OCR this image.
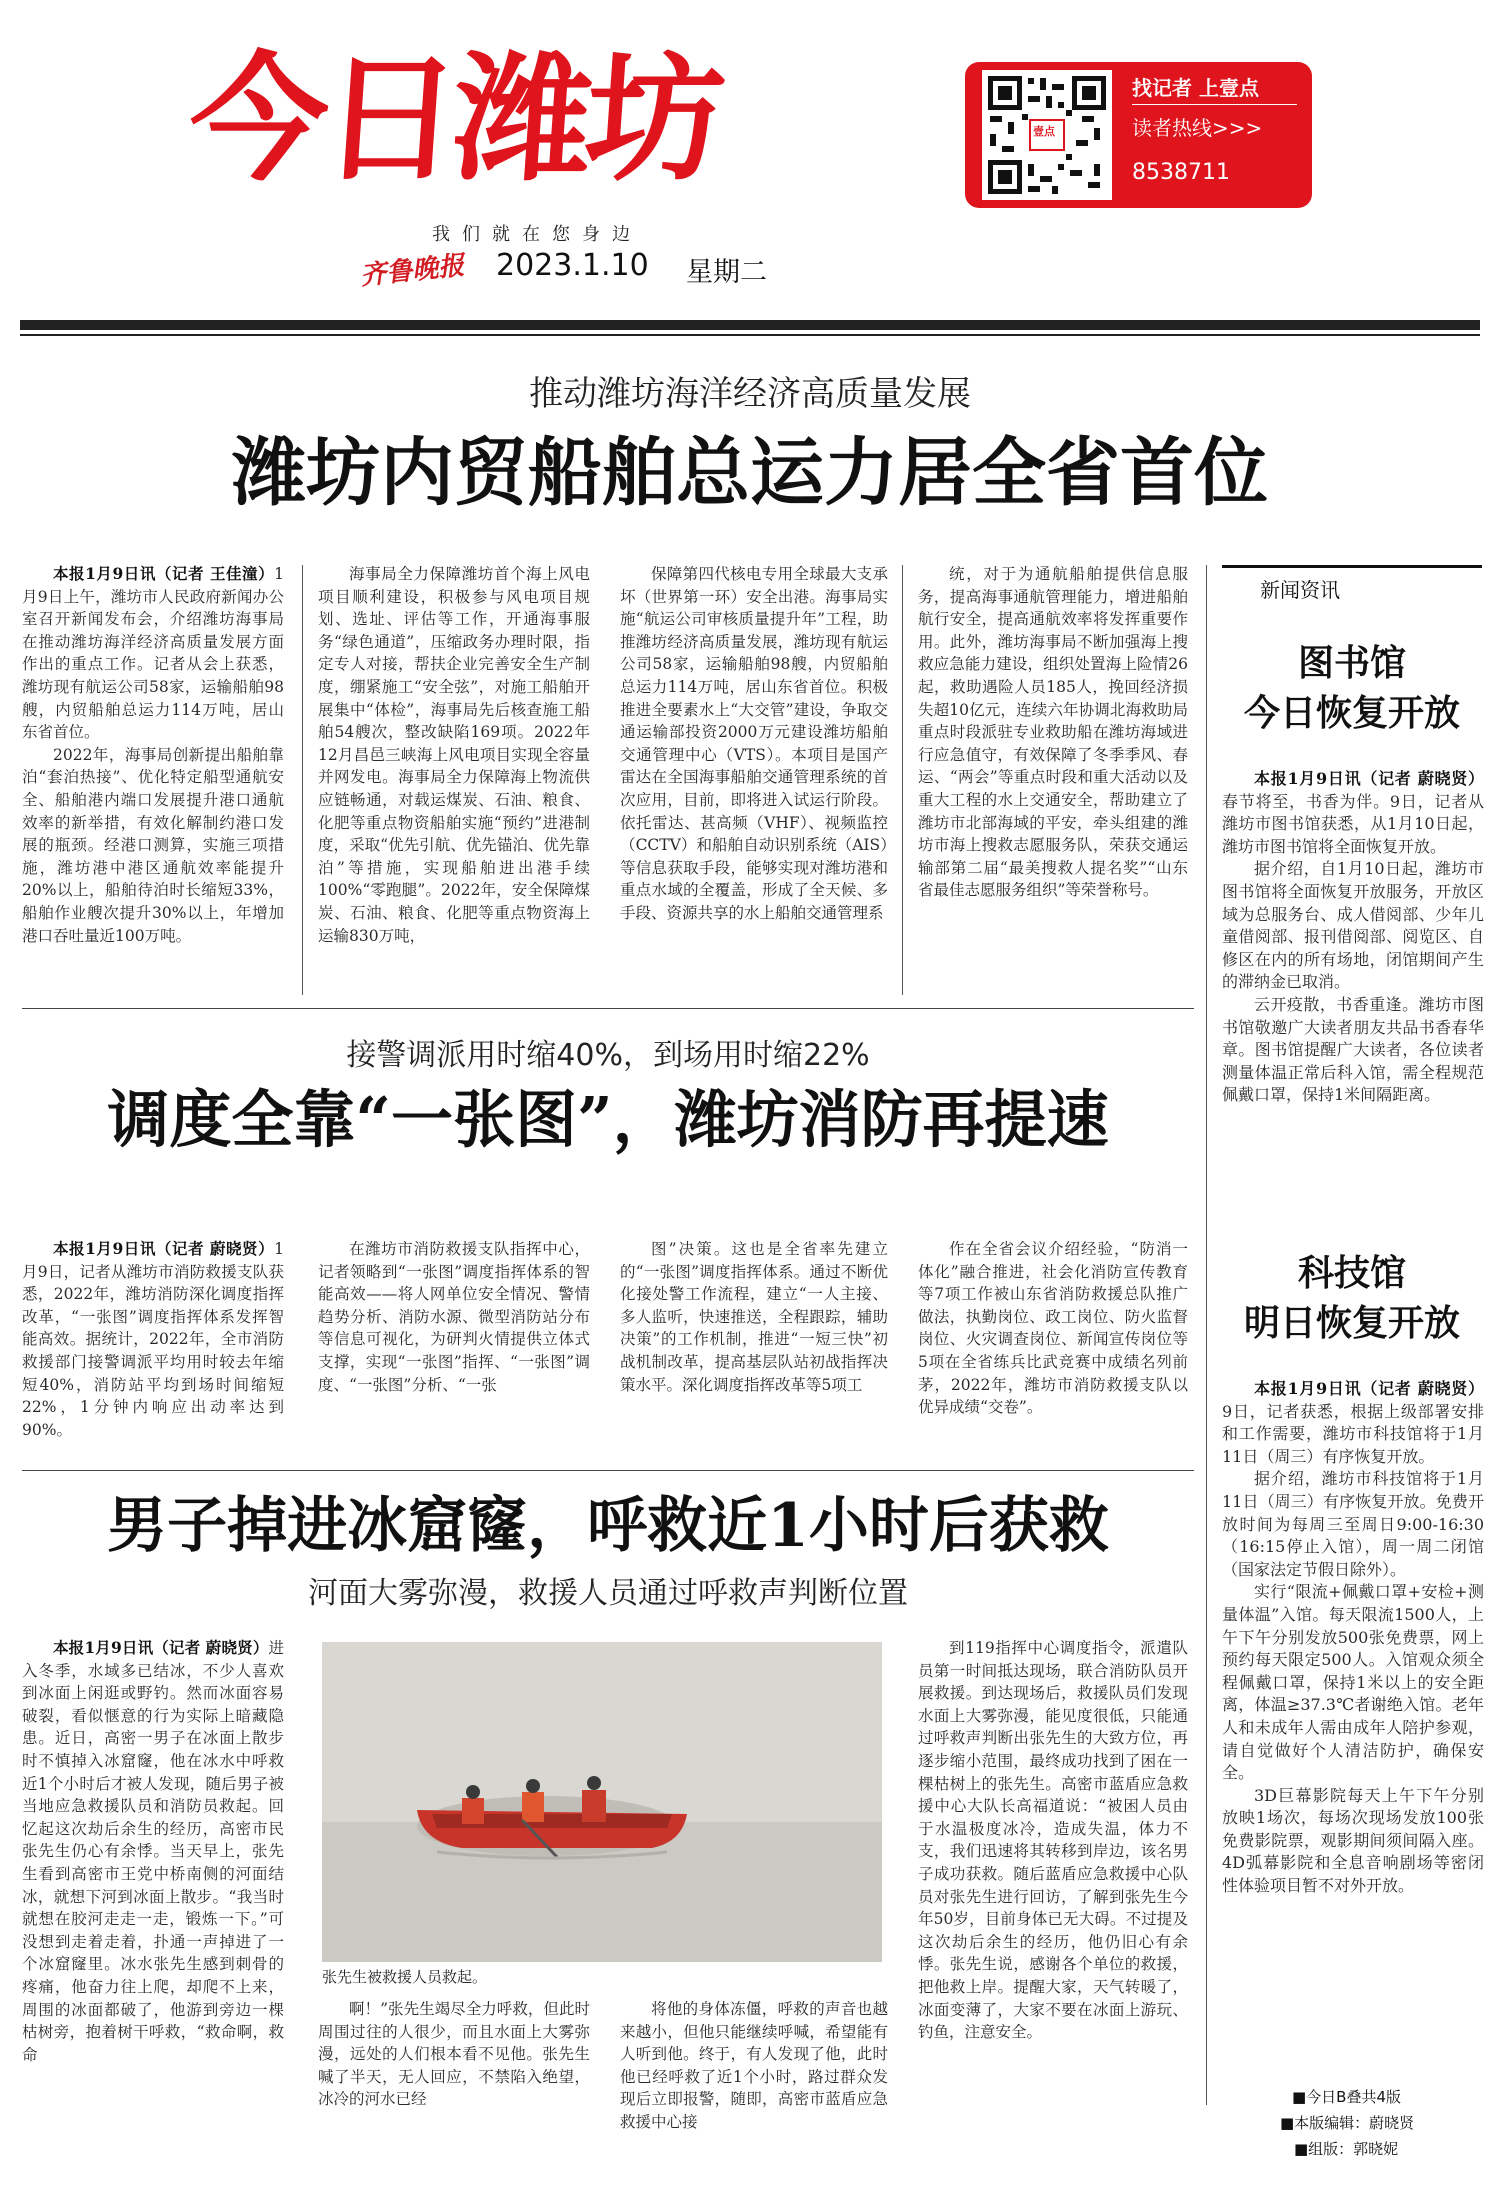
今日潍坊
我们就在您身边
齐鲁晚报 2023.1.10 星期二
壹点
找记者 上壹点
读者热线>>>
8538711
推动潍坊海洋经济高质量发展
潍坊内贸船舶总运力居全省首位

本报1月9日讯（记者 王佳潼）1月9日上午，潍坊市人民政府新闻办公室召开新闻发布会，介绍潍坊海事局在推动潍坊海洋经济高质量发展方面作出的重点工作。记者从会上获悉，潍坊现有航运公司58家，运输船舶98艘，内贸船舶总运力114万吨，居山东省首位。

2022年，海事局创新提出船舶靠泊“套泊热接”、优化特定船型通航安全、船舶港内端口发展提升港口通航效率的新举措，有效化解制约港口发展的瓶颈。经港口测算，实施三项措施，潍坊港中港区通航效率能提升20%以上，船舶待泊时长缩短33%，船舶作业艘次提升30%以上，年增加港口吞吐量近100万吨。

海事局全力保障潍坊首个海上风电项目顺利建设，积极参与风电项目规划、选址、评估等工作，开通海事服务“绿色通道”，压缩政务办理时限，指定专人对接，帮扶企业完善安全生产制度，绷紧施工“安全弦”，对施工船舶开展集中“体检”，海事局先后核查施工船舶54艘次，整改缺陷169项。2022年12月昌邑三峡海上风电项目实现全容量并网发电。海事局全力保障海上物流供应链畅通，对载运煤炭、石油、粮食、化肥等重点物资船舶实施“预约”进港制度，采取“优先引航、优先锚泊、优先靠泊”等措施，实现船舶进出港手续100%“零跑腿”。2022年，安全保障煤炭、石油、粮食、化肥等重点物资海上运输830万吨，

保障第四代核电专用全球最大支承坏（世界第一环）安全出港。海事局实施“航运公司审核质量提升年”工程，助推潍坊经济高质量发展，潍坊现有航运公司58家，运输船舶98艘，内贸船舶总运力114万吨，居山东省首位。积极推进全要素水上“大交管”建设，争取交通运输部投资2000万元建设潍坊船舶交通管理中心（VTS）。本项目是国产雷达在全国海事船舶交通管理系统的首次应用，目前，即将进入试运行阶段。依托雷达、甚高频（VHF）、视频监控（CCTV）和船舶自动识别系统（AIS）等信息获取手段，能够实现对潍坊港和重点水域的全覆盖，形成了全天候、多手段、资源共享的水上船舶交通管理系

统，对于为通航船舶提供信息服务，提高海事通航管理能力，增进船舶航行安全，提高通航效率将发挥重要作用。此外，潍坊海事局不断加强海上搜救应急能力建设，组织处置海上险情26起，救助遇险人员185人，挽回经济损失超10亿元，连续六年协调北海救助局重点时段派驻专业救助船在潍坊海域进行应急值守，有效保障了冬季季风、春运、“两会”等重点时段和重大活动以及重大工程的水上交通安全，帮助建立了潍坊市北部海域的平安，牵头组建的潍坊市海上搜救志愿服务队，荣获交通运输部第二届“最美搜救人提名奖”“山东省最佳志愿服务组织”等荣誉称号。

接警调派用时缩40%，到场用时缩22%
调度全靠“一张图”，潍坊消防再提速

本报1月9日讯（记者 蔚晓贤）1月9日，记者从潍坊市消防救援支队获悉，2022年，潍坊消防深化调度指挥改革，“一张图”调度指挥体系发挥智能高效。据统计，2022年，全市消防救援部门接警调派平均用时较去年缩短40%，消防站平均到场时间缩短22%，1分钟内响应出动率达到90%。

在潍坊市消防救援支队指挥中心，记者领略到“一张图”调度指挥体系的智能高效——将人网单位安全情况、警情趋势分析、消防水源、微型消防站分布等信息可视化，为研判火情提供立体式支撑，实现“一张图”指挥、“一张图”调度、“一张图”分析、“一张

图”决策。这也是全省率先建立的“一张图”调度指挥体系。通过不断优化接处警工作流程，建立“一人主接、多人监听，快速推送，全程跟踪，辅助决策”的工作机制，推进“一短三快”初战机制改革，提高基层队站初战指挥决策水平。深化调度指挥改革等5项工

作在全省会议介绍经验，“防消一体化”融合推进，社会化消防宣传教育等7项工作被山东省消防救援总队推广做法，执勤岗位、政工岗位、防火监督岗位、火灾调查岗位、新闻宣传岗位等5项在全省练兵比武竞赛中成绩名列前茅，2022年，潍坊市消防救援支队以优异成绩“交卷”。

男子掉进冰窟窿，呼救近1小时后获救
河面大雾弥漫，救援人员通过呼救声判断位置

本报1月9日讯（记者 蔚晓贤）进入冬季，水域多已结冰，不少人喜欢到冰面上闲逛或野钓。然而冰面容易破裂，看似惬意的行为实际上暗藏隐患。近日，高密一男子在冰面上散步时不慎掉入冰窟窿，他在冰水中呼救近1个小时后才被人发现，随后男子被当地应急救援队员和消防员救起。回忆起这次劫后余生的经历，高密市民张先生仍心有余悸。当天早上，张先生看到高密市王党中桥南侧的河面结冰，就想下河到冰面上散步。“我当时就想在胶河走走一走，锻炼一下。”可没想到走着走着，扑通一声掉进了一个冰窟窿里。冰水张先生感到刺骨的疼痛，他奋力往上爬，却爬不上来，周围的冰面都破了，他游到旁边一棵枯树旁，抱着树干呼救，“救命啊，救命

张先生被救援人员救起。

啊！”张先生竭尽全力呼救，但此时周围过往的人很少，而且水面上大雾弥漫，远处的人们根本看不见他。张先生喊了半天，无人回应，不禁陷入绝望，冰冷的河水已经

将他的身体冻僵，呼救的声音也越来越小，但他只能继续呼喊，希望能有人听到他。终于，有人发现了他，此时他已经呼救了近1个小时，路过群众发现后立即报警，随即，高密市蓝盾应急救援中心接

到119指挥中心调度指令，派遣队员第一时间抵达现场，联合消防队员开展救援。到达现场后，救援队员们发现水面上大雾弥漫，能见度很低，只能通过呼救声判断出张先生的大致方位，再逐步缩小范围，最终成功找到了困在一棵枯树上的张先生。高密市蓝盾应急救援中心大队长高福道说：“被困人员由于水温极度冰冷，造成失温，体力不支，我们迅速将其转移到岸边，该名男子成功获救。随后蓝盾应急救援中心队员对张先生进行回访，了解到张先生今年50岁，目前身体已无大碍。不过提及这次劫后余生的经历，他仍旧心有余悸。张先生说，感谢各个单位的救援，把他救上岸。提醒大家，天气转暖了，冰面变薄了，大家不要在冰面上游玩、钓鱼，注意安全。

新闻资讯
图书馆
今日恢复开放

本报1月9日讯（记者 蔚晓贤）春节将至，书香为伴。9日，记者从潍坊市图书馆获悉，从1月10日起，潍坊市图书馆将全面恢复开放。

据介绍，自1月10日起，潍坊市图书馆将全面恢复开放服务，开放区域为总服务台、成人借阅部、少年儿童借阅部、报刊借阅部、阅览区、自修区在内的所有场地，闭馆期间产生的滞纳金已取消。

云开疫散，书香重逢。潍坊市图书馆敬邀广大读者朋友共品书香春华章。图书馆提醒广大读者，各位读者测量体温正常后科入馆，需全程规范佩戴口罩，保持1米间隔距离。

科技馆
明日恢复开放

本报1月9日讯（记者 蔚晓贤）9日，记者获悉，根据上级部署安排和工作需要，潍坊市科技馆将于1月11日（周三）有序恢复开放。

据介绍，潍坊市科技馆将于1月11日（周三）有序恢复开放。免费开放时间为每周三至周日9:00-16:30（16:15停止入馆），周一周二闭馆（国家法定节假日除外）。

实行“限流+佩戴口罩+安检+测量体温”入馆。每天限流1500人，上午下午分别发放500张免费票，网上预约每天限定500人。入馆观众须全程佩戴口罩，保持1米以上的安全距离，体温≥37.3℃者谢绝入馆。老年人和未成年人需由成年人陪护参观，请自觉做好个人清洁防护，确保安全。

3D巨幕影院每天上午下午分别放映1场次，每场次现场发放100张免费影院票，观影期间须间隔入座。4D弧幕影院和全息音响剧场等密闭性体验项目暂不对外开放。

■今日B叠共4版
■本版编辑：蔚晓贤
■组版：郭晓妮
